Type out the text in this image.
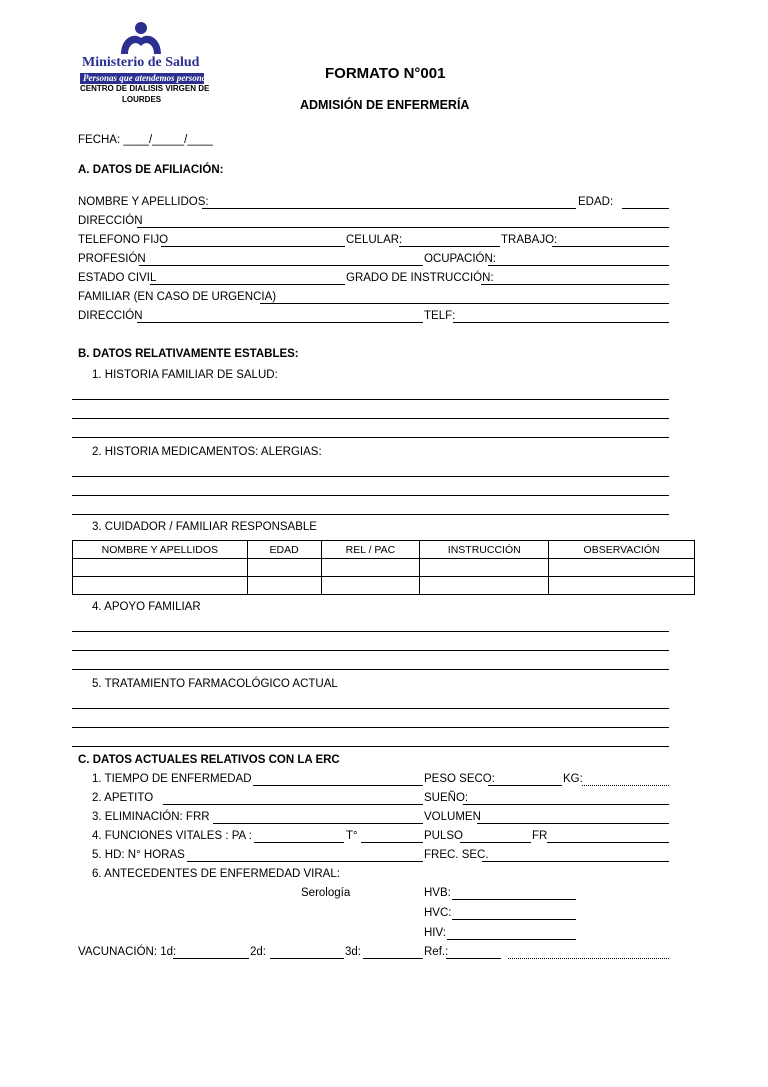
Ministerio de Salud
Personas que atendemos personas
CENTRO DE DIALISIS VIRGEN DE
LOURDES
FORMATO N°001
ADMISIÓN DE ENFERMERÍA
FECHA: ____/_____/____
A. DATOS DE AFILIACIÓN:
NOMBRE Y APELLIDOS:	EDAD:
DIRECCIÓN
TELEFONO FIJO	CELULAR:	TRABAJO:
PROFESIÓN	OCUPACIÓN:
ESTADO CIVIL	GRADO DE INSTRUCCIÓN:
FAMILIAR (EN CASO DE URGENCIA)
DIRECCIÓN	TELF:
B. DATOS RELATIVAMENTE ESTABLES:
1. HISTORIA FAMILIAR DE SALUD:
2. HISTORIA MEDICAMENTOS: ALERGIAS:
3. CUIDADOR / FAMILIAR RESPONSABLE
NOMBRE Y APELLIDOS	EDAD	REL / PAC	INSTRUCCIÓN	OBSERVACIÓN

4. APOYO FAMILIAR
5. TRATAMIENTO FARMACOLÓGICO ACTUAL
C. DATOS ACTUALES RELATIVOS CON LA ERC
1. TIEMPO DE ENFERMEDAD	PESO SECO:	KG:
2. APETITO	SUEÑO:
3. ELIMINACIÓN: FRR	VOLUMEN
4. FUNCIONES VITALES : PA :	T°	PULSO	FR
5. HD: N° HORAS	FREC. SEC.
6. ANTECEDENTES DE ENFERMEDAD VIRAL:
Serología	HVB:
HVC:
HIV:
VACUNACIÓN: 1d:	2d:	3d:	Ref.:
